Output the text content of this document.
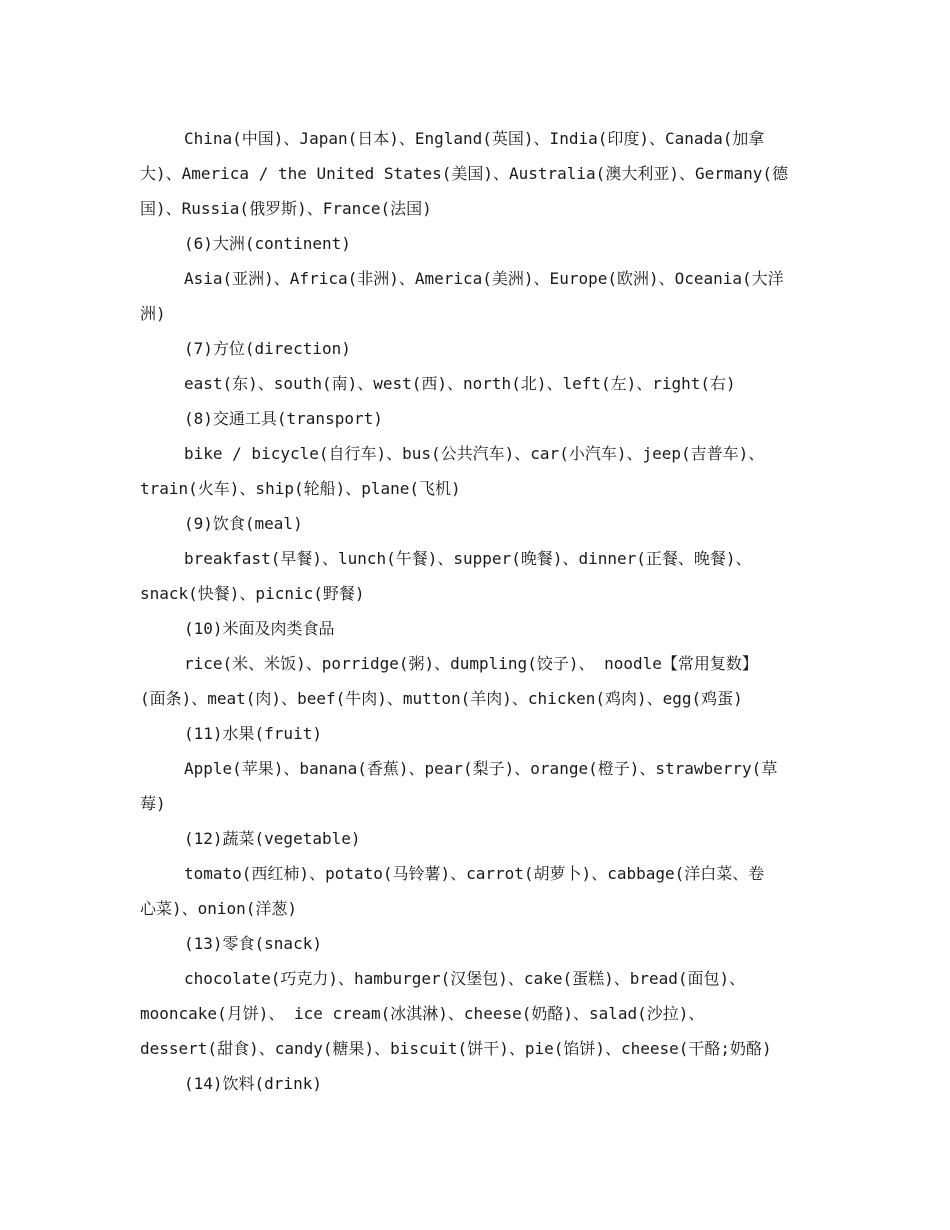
China(中国)、Japan(日本)、England(英国)、India(印度)、Canada(加拿
大)、America / the United States(美国)、Australia(澳大利亚)、Germany(德
国)、Russia(俄罗斯)、France(法国)
(6)大洲(continent)
Asia(亚洲)、Africa(非洲)、America(美洲)、Europe(欧洲)、Oceania(大洋
洲)
(7)方位(direction)
east(东)、south(南)、west(西)、north(北)、left(左)、right(右)
(8)交通工具(transport)
bike / bicycle(自行车)、bus(公共汽车)、car(小汽车)、jeep(吉普车)、
train(火车)、ship(轮船)、plane(飞机)
(9)饮食(meal)
breakfast(早餐)、lunch(午餐)、supper(晚餐)、dinner(正餐、晚餐)、
snack(快餐)、picnic(野餐)
(10)米面及肉类食品
rice(米、米饭)、porridge(粥)、dumpling(饺子)、 noodle【常用复数】
(面条)、meat(肉)、beef(牛肉)、mutton(羊肉)、chicken(鸡肉)、egg(鸡蛋)
(11)水果(fruit)
Apple(苹果)、banana(香蕉)、pear(梨子)、orange(橙子)、strawberry(草
莓)
(12)蔬菜(vegetable)
tomato(西红柿)、potato(马铃薯)、carrot(胡萝卜)、cabbage(洋白菜、卷
心菜)、onion(洋葱)
(13)零食(snack)
chocolate(巧克力)、hamburger(汉堡包)、cake(蛋糕)、bread(面包)、
mooncake(月饼)、 ice cream(冰淇淋)、cheese(奶酪)、salad(沙拉)、
dessert(甜食)、candy(糖果)、biscuit(饼干)、pie(馅饼)、cheese(干酪;奶酪)
(14)饮料(drink)
